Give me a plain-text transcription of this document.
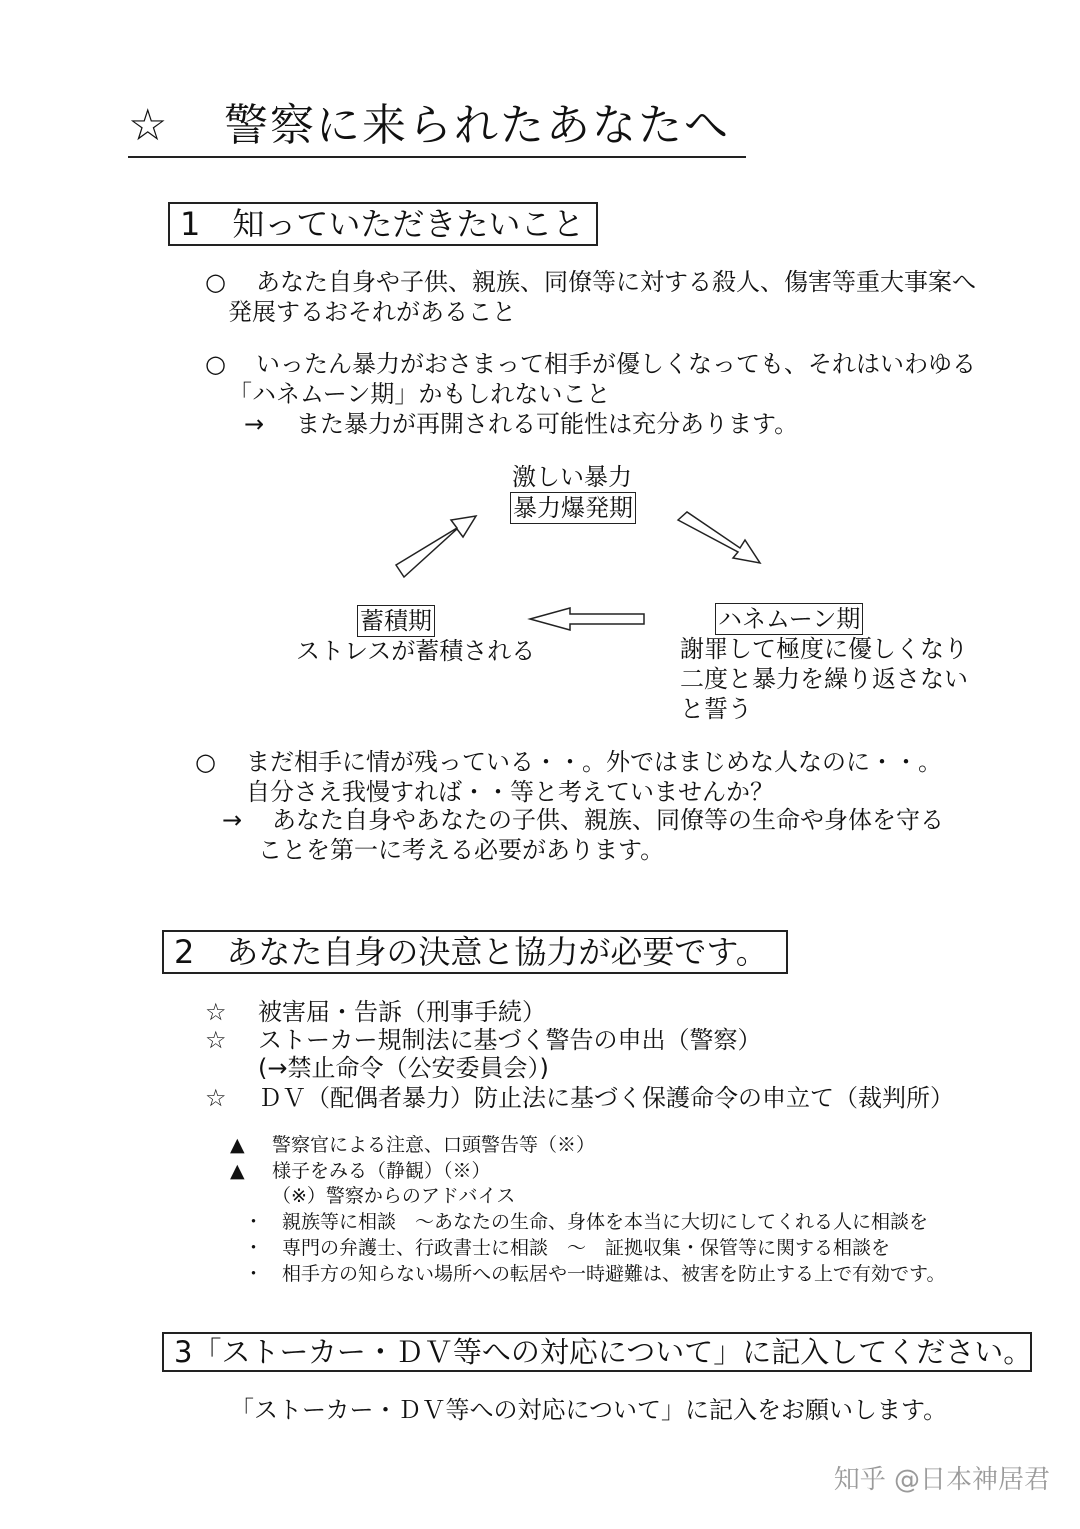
☆ 警察に来られたあなたへ
1　知っていただきたいこと
○ あなた自身や子供、親族、同僚等に対する殺人、傷害等重大事案へ
発展するおそれがあること
○ いったん暴力がおさまって相手が優しくなっても、それはいわゆる
「ハネムーン期」かもしれないこと
→ また暴力が再開される可能性は充分あります。
激しい暴力
暴力爆発期
ハネムーン期
謝罪して極度に優しくなり
二度と暴力を繰り返さない
と誓う
蓄積期
ストレスが蓄積される
○ まだ相手に情が残っている・・。外ではまじめな人なのに・・。
自分さえ我慢すれば・・等と考えていませんか？
→ あなた自身やあなたの子供、親族、同僚等の生命や身体を守る
ことを第一に考える必要があります。
2　あなた自身の決意と協力が必要です。
☆ 被害届・告訴（刑事手続）
☆ ストーカー規制法に基づく警告の申出（警察）
(→禁止命令（公安委員会）)
☆ ＤＶ（配偶者暴力）防止法に基づく保護命令の申立て（裁判所）
▲ 警察官による注意、口頭警告等（※）
▲ 様子をみる（静観）（※）
（※）警察からのアドバイス
・ 親族等に相談　〜あなたの生命、身体を本当に大切にしてくれる人に相談を
・ 専門の弁護士、行政書士に相談　〜　証拠収集・保管等に関する相談を
・ 相手方の知らない場所への転居や一時避難は、被害を防止する上で有効です。
3「ストーカー・ＤＶ等への対応について」に記入してください。
「ストーカー・ＤＶ等への対応について」に記入をお願いします。
知乎 @日本神居君
